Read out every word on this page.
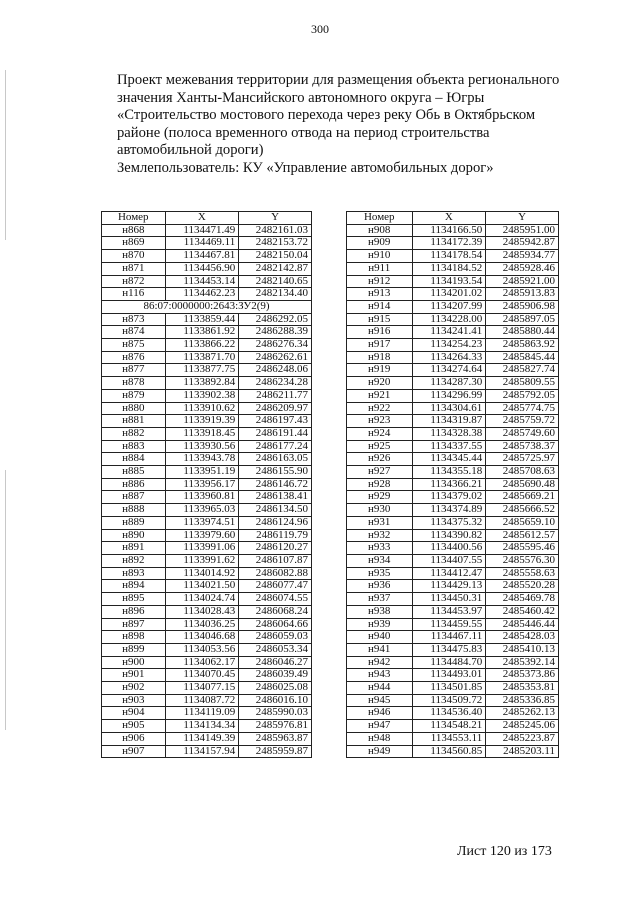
300
Проект межевания территории для размещения объекта регионального
значения Ханты-Мансийского автономного округа – Югры
«Строительство мостового перехода через реку Обь в Октябрьском
районе (полоса временного отвода на период строительства
автомобильной дороги)
Землепользователь: КУ «Управление автомобильных дорог»
Номер	X	Y
н868	1134471.49	2482161.03
н869	1134469.11	2482153.72
н870	1134467.81	2482150.04
н871	1134456.90	2482142.87
н872	1134453.14	2482140.65
н116	1134462.23	2482134.40
86:07:0000000:2643:ЗУ2(9)		
н873	1133859.44	2486292.05
н874	1133861.92	2486288.39
н875	1133866.22	2486276.34
н876	1133871.70	2486262.61
н877	1133877.75	2486248.06
н878	1133892.84	2486234.28
н879	1133902.38	2486211.77
н880	1133910.62	2486209.97
н881	1133919.39	2486197.43
н882	1133918.45	2486191.44
н883	1133930.56	2486177.24
н884	1133943.78	2486163.05
н885	1133951.19	2486155.90
н886	1133956.17	2486146.72
н887	1133960.81	2486138.41
н888	1133965.03	2486134.50
н889	1133974.51	2486124.96
н890	1133979.60	2486119.79
н891	1133991.06	2486120.27
н892	1133991.62	2486107.87
н893	1134014.92	2486082.88
н894	1134021.50	2486077.47
н895	1134024.74	2486074.55
н896	1134028.43	2486068.24
н897	1134036.25	2486064.66
н898	1134046.68	2486059.03
н899	1134053.56	2486053.34
н900	1134062.17	2486046.27
н901	1134070.45	2486039.49
н902	1134077.15	2486025.08
н903	1134087.72	2486016.10
н904	1134119.09	2485990.03
н905	1134134.34	2485976.81
н906	1134149.39	2485963.87
н907	1134157.94	2485959.87
Номер	X	Y
н908	1134166.50	2485951.00
н909	1134172.39	2485942.87
н910	1134178.54	2485934.77
н911	1134184.52	2485928.46
н912	1134193.54	2485921.00
н913	1134201.02	2485913.83
н914	1134207.99	2485906.98
н915	1134228.00	2485897.05
н916	1134241.41	2485880.44
н917	1134254.23	2485863.92
н918	1134264.33	2485845.44
н919	1134274.64	2485827.74
н920	1134287.30	2485809.55
н921	1134296.99	2485792.05
н922	1134304.61	2485774.75
н923	1134319.87	2485759.72
н924	1134328.38	2485749.60
н925	1134337.55	2485738.37
н926	1134345.44	2485725.97
н927	1134355.18	2485708.63
н928	1134366.21	2485690.48
н929	1134379.02	2485669.21
н930	1134374.89	2485666.52
н931	1134375.32	2485659.10
н932	1134390.82	2485612.57
н933	1134400.56	2485595.46
н934	1134407.55	2485576.30
н935	1134412.47	2485558.63
н936	1134429.13	2485520.28
н937	1134450.31	2485469.78
н938	1134453.97	2485460.42
н939	1134459.55	2485446.44
н940	1134467.11	2485428.03
н941	1134475.83	2485410.13
н942	1134484.70	2485392.14
н943	1134493.01	2485373.86
н944	1134501.85	2485353.81
н945	1134509.72	2485336.85
н946	1134536.40	2485262.13
н947	1134548.21	2485245.06
н948	1134553.11	2485223.87
н949	1134560.85	2485203.11
Лист 120 из 173
